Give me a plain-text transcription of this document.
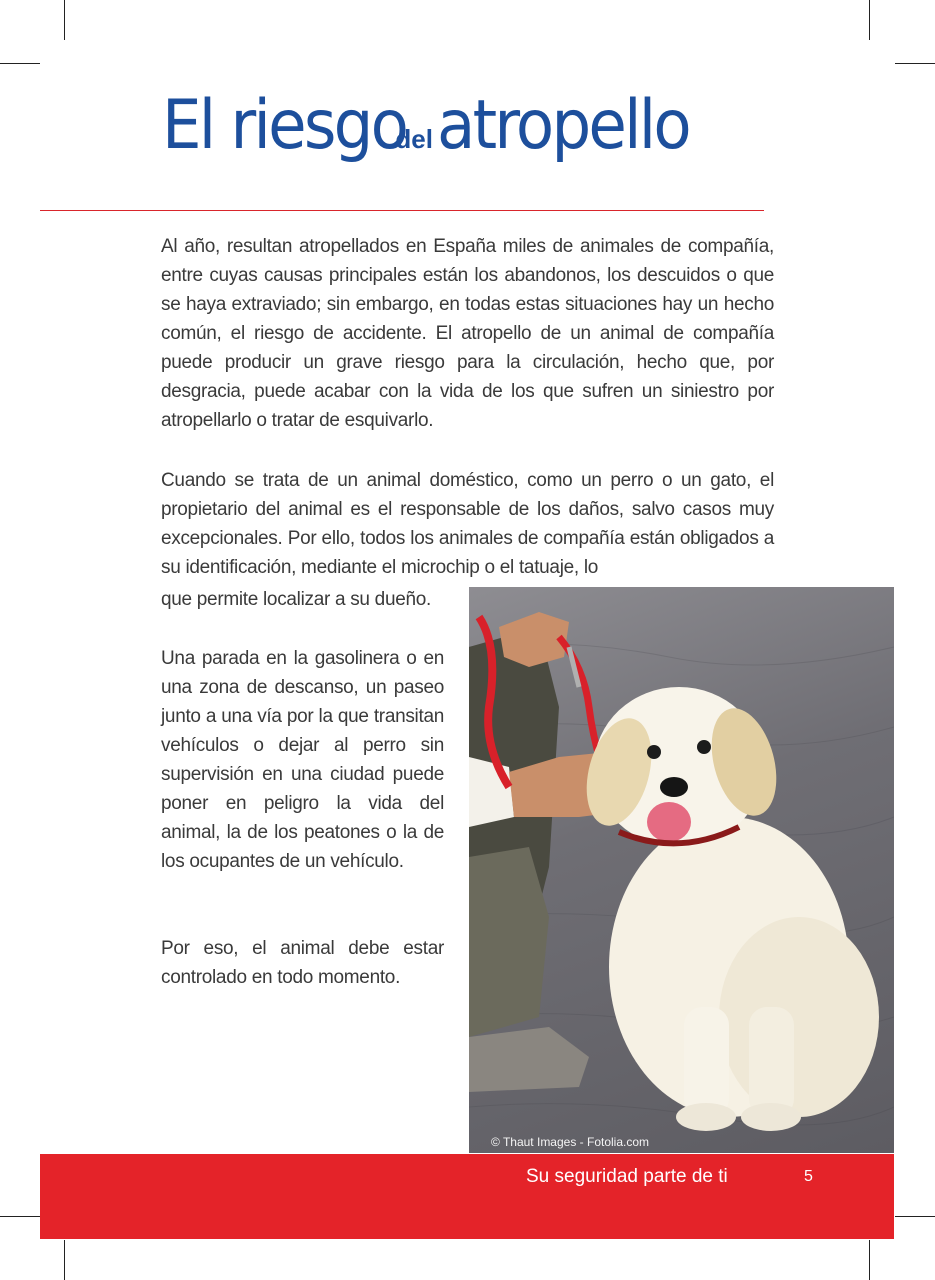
El riesgodelatropello

Al año, resultan atropellados en España miles de animales de compañía, entre cuyas causas principales están los abandonos, los descuidos o que se haya extraviado; sin embargo, en todas estas situaciones hay un hecho común, el riesgo de accidente. El atropello de un animal de compañía puede producir un grave riesgo para la circulación, hecho que, por desgracia, puede acabar con la vida de los que sufren un siniestro por atropellarlo o tratar de esquivarlo.

Cuando se trata de un animal doméstico, como un perro o un gato, el propietario del animal es el responsable de los daños, salvo casos muy excepcionales. Por ello, todos los animales de compañía están obligados a su identificación, mediante el microchip o el tatuaje, lo

que permite localizar a su dueño.

Una parada en la gasolinera o en una zona de descanso, un paseo junto a una vía por la que transitan vehículos o dejar al perro sin supervisión en una ciudad puede poner en peligro la vida del animal, la de los peatones o la de los ocupantes de un vehículo.

Por eso, el animal debe estar controlado en todo momento.

© Thaut Images - Fotolia.com
Su seguridad parte de ti	5
